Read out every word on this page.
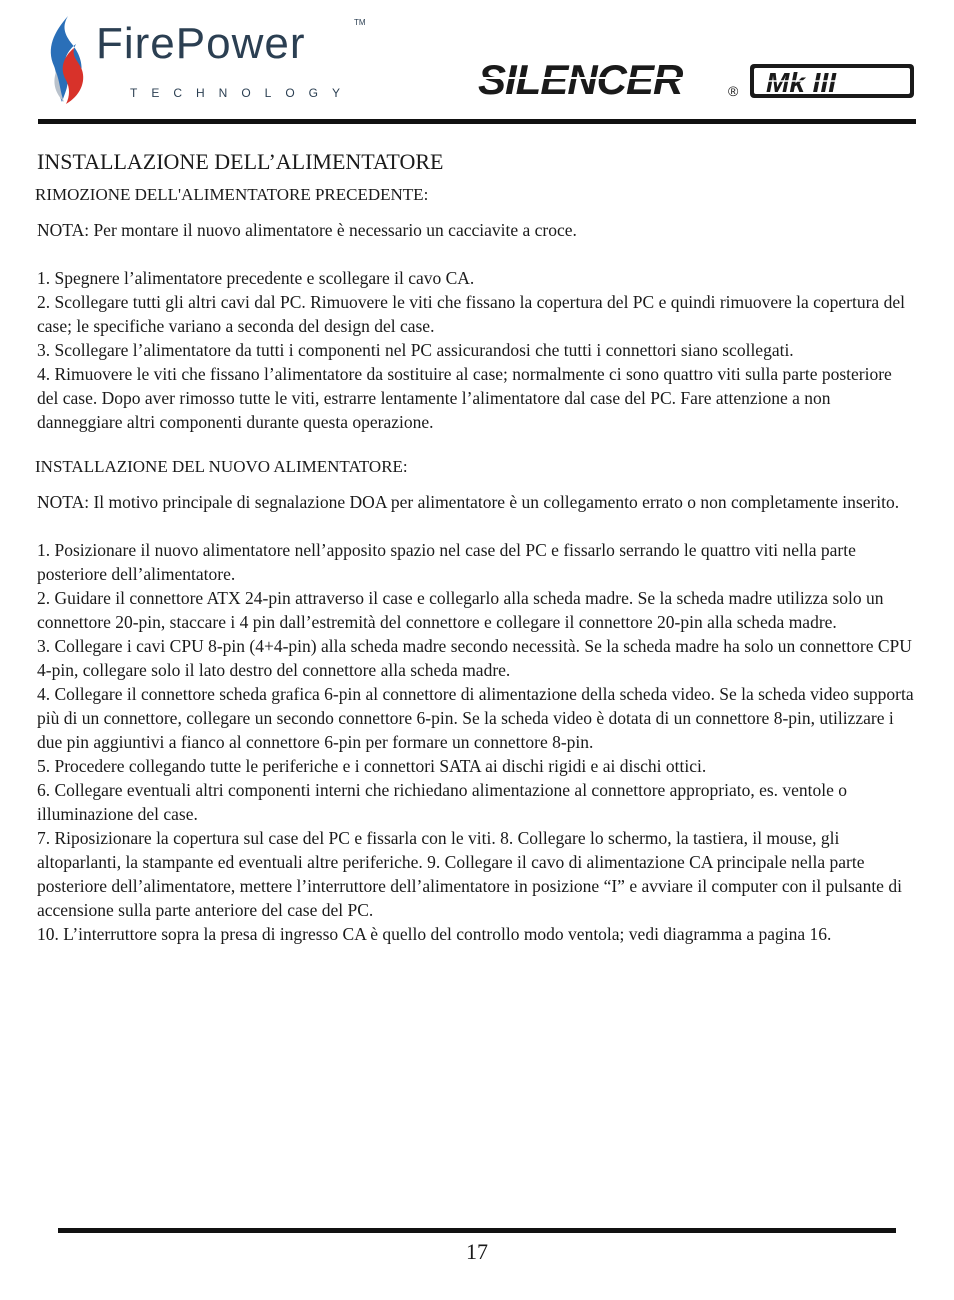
FirePower	TM
TECHNOLOGY	SILENCER	® Mk III
INSTALLAZIONE DELL’ALIMENTATORE
RIMOZIONE DELL'ALIMENTATORE PRECEDENTE:

NOTA: Per montare il nuovo alimentatore è necessario un cacciavite a croce.

1. Spegnere l’alimentatore precedente e scollegare il cavo CA.
2. Scollegare tutti gli altri cavi dal PC. Rimuovere le viti che fissano la copertura del PC e quindi rimuovere la copertura del case; le specifiche variano a seconda del design del case.
3. Scollegare l’alimentatore da tutti i componenti nel PC assicurandosi che tutti i connettori siano scollegati.
4. Rimuovere le viti che fissano l’alimentatore da sostituire al case; normalmente ci sono quattro viti sulla parte posteriore del case. Dopo aver rimosso tutte le viti, estrarre lentamente l’alimentatore dal case del PC. Fare attenzione a non danneggiare altri componenti durante questa operazione.
INSTALLAZIONE DEL NUOVO ALIMENTATORE:

NOTA: Il motivo principale di segnalazione DOA per alimentatore è un collegamento errato o non completamente inserito.

1. Posizionare il nuovo alimentatore nell’apposito spazio nel case del PC e fissarlo serrando le quattro viti nella parte posteriore dell’alimentatore.
2. Guidare il connettore ATX 24-pin attraverso il case e collegarlo alla scheda madre. Se la scheda madre utilizza solo un connettore 20-pin, staccare i 4 pin dall’estremità del connettore e collegare il connettore 20-pin alla scheda madre.
3. Collegare i cavi CPU 8-pin (4+4-pin) alla scheda madre secondo necessità. Se la scheda madre ha solo un connettore CPU 4-pin, collegare solo il lato destro del connettore alla scheda madre.
4. Collegare il connettore scheda grafica 6-pin al connettore di alimentazione della scheda video. Se la scheda video supporta più di un connettore, collegare un secondo connettore 6-pin. Se la scheda video è dotata di un connettore 8-pin, utilizzare i due pin aggiuntivi a fianco al connettore 6-pin per formare un connettore 8-pin.
5. Procedere collegando tutte le periferiche e i connettori SATA ai dischi rigidi e ai dischi ottici.
6. Collegare eventuali altri componenti interni che richiedano alimentazione al connettore appropriato, es. ventole o illuminazione del case.
7. Riposizionare la copertura sul case del PC e fissarla con le viti. 8. Collegare lo schermo, la tastiera, il mouse, gli altoparlanti, la stampante ed eventuali altre periferiche. 9. Collegare il cavo di alimentazione CA principale nella parte posteriore dell’alimentatore, mettere l’interruttore dell’alimentatore in posizione “I” e avviare il computer con il pulsante di accensione sulla parte anteriore del case del PC.
10. L’interruttore sopra la presa di ingresso CA è quello del controllo modo ventola; vedi diagramma a pagina 16.
17
